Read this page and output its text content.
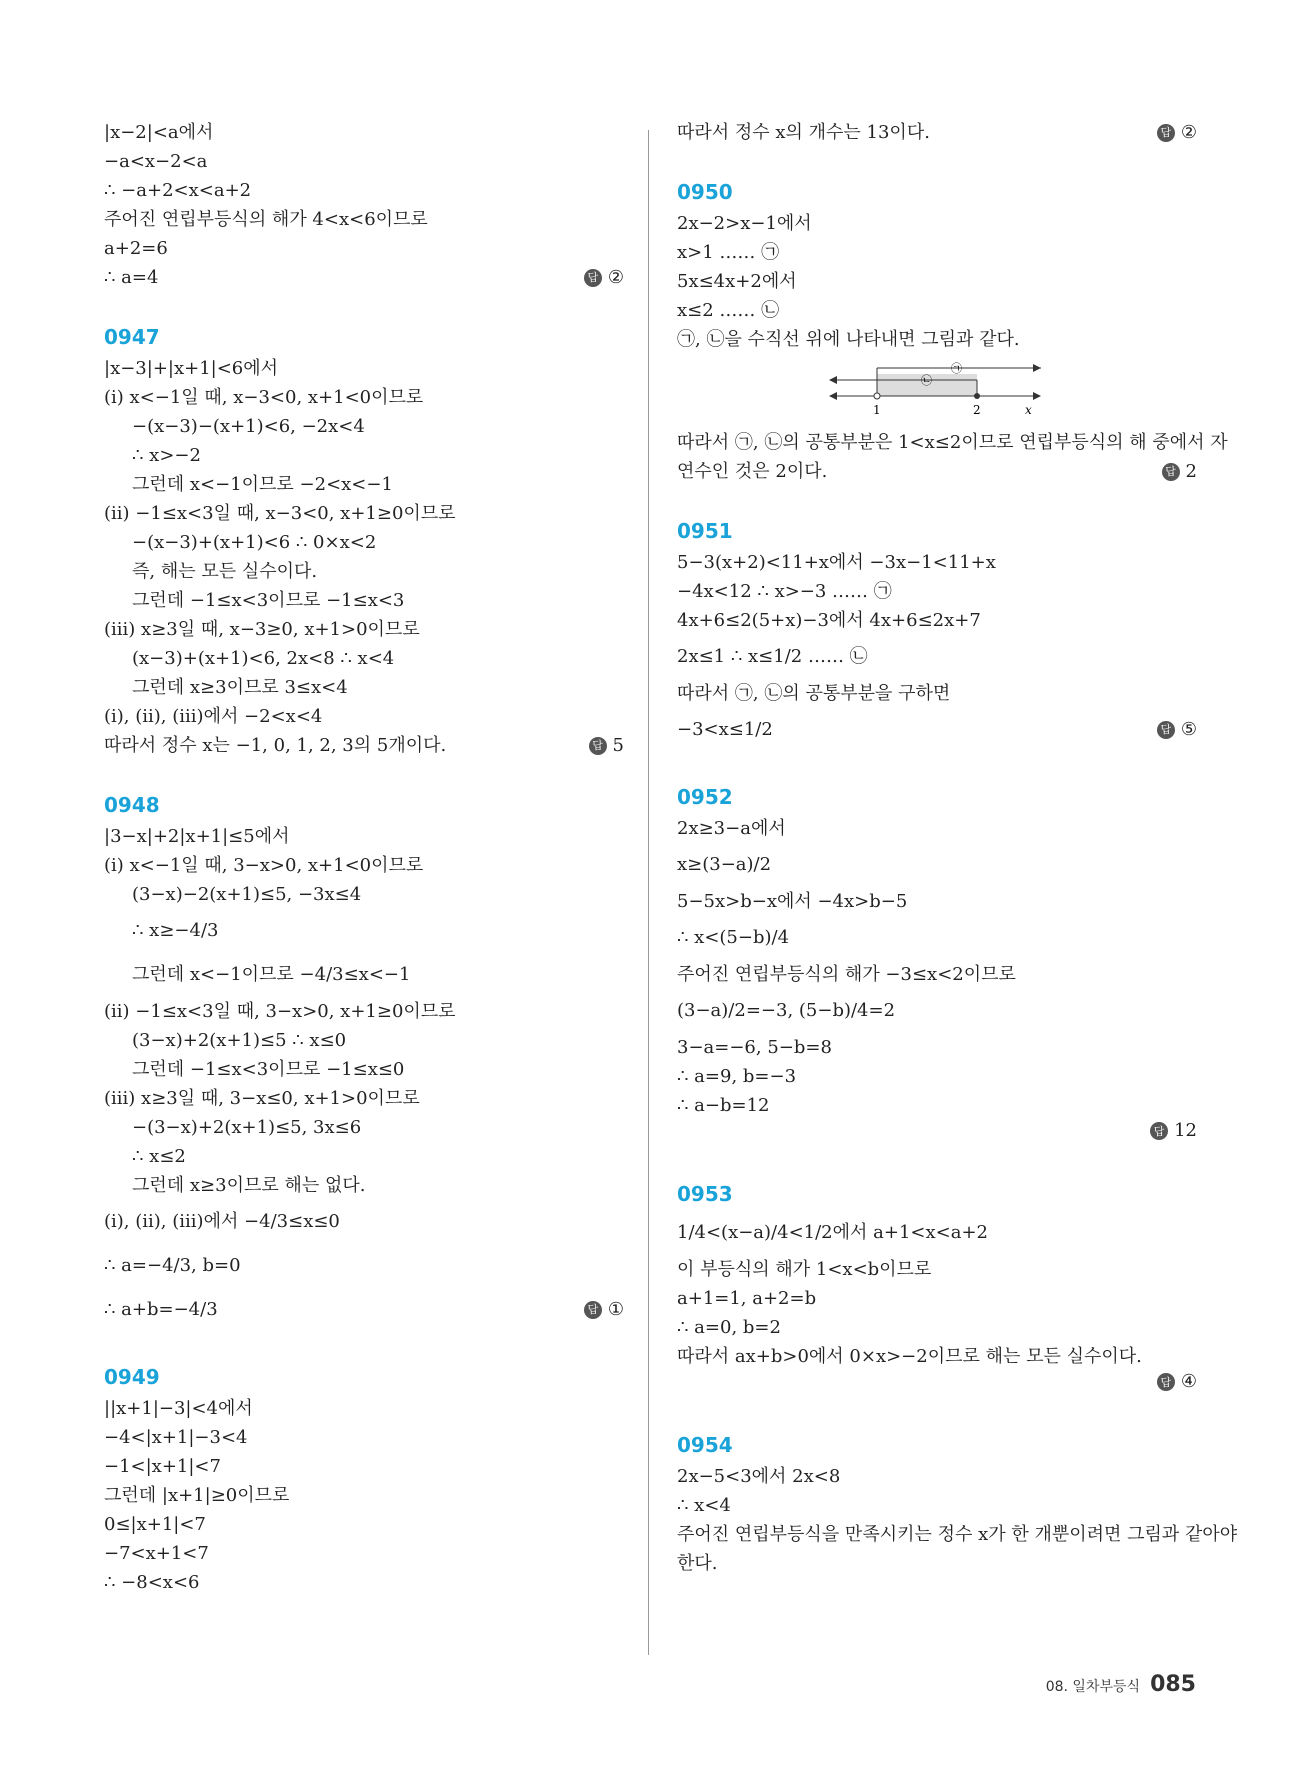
|x−2|<a에서
−a<x−2<a
∴ −a+2<x<a+2
주어진 연립부등식의 해가 4<x<6이므로
a+2=6
∴ a=4	답 ②
0947
|x−3|+|x+1|<6에서
(ⅰ) x<−1일 때, x−3<0, x+1<0이므로
−(x−3)−(x+1)<6, −2x<4
∴ x>−2
그런데 x<−1이므로 −2<x<−1
(ⅱ) −1≤x<3일 때, x−3<0, x+1≥0이므로
−(x−3)+(x+1)<6 ∴ 0×x<2
즉, 해는 모든 실수이다.
그런데 −1≤x<3이므로 −1≤x<3
(ⅲ) x≥3일 때, x−3≥0, x+1>0이므로
(x−3)+(x+1)<6, 2x<8 ∴ x<4
그런데 x≥3이므로 3≤x<4
(ⅰ), (ⅱ), (ⅲ)에서 −2<x<4
따라서 정수 x는 −1, 0, 1, 2, 3의 5개이다.	답 5
0948
|3−x|+2|x+1|≤5에서
(ⅰ) x<−1일 때, 3−x>0, x+1<0이므로
(3−x)−2(x+1)≤5, −3x≤4
∴ x≥−4/3
그런데 x<−1이므로 −4/3≤x<−1
(ⅱ) −1≤x<3일 때, 3−x>0, x+1≥0이므로
(3−x)+2(x+1)≤5 ∴ x≤0
그런데 −1≤x<3이므로 −1≤x≤0
(ⅲ) x≥3일 때, 3−x≤0, x+1>0이므로
−(3−x)+2(x+1)≤5, 3x≤6
∴ x≤2
그런데 x≥3이므로 해는 없다.
(ⅰ), (ⅱ), (ⅲ)에서 −4/3≤x≤0
∴ a=−4/3, b=0
∴ a+b=−4/3	답 ①
0949
||x+1|−3|<4에서
−4<|x+1|−3<4
−1<|x+1|<7
그런데 |x+1|≥0이므로
0≤|x+1|<7
−7<x+1<7
∴ −8<x<6
따라서 정수 x의 개수는 13이다.	답 ②
0950
2x−2>x−1에서
x>1 …… ㉠
5x≤4x+2에서
x≤2 …… ㉡
㉠, ㉡을 수직선 위에 나타내면 그림과 같다.
1	2	x
㉠
㉡
따라서 ㉠, ㉡의 공통부분은 1<x≤2이므로 연립부등식의 해 중에서 자
연수인 것은 2이다.	답 2
0951
5−3(x+2)<11+x에서 −3x−1<11+x
−4x<12 ∴ x>−3 …… ㉠
4x+6≤2(5+x)−3에서 4x+6≤2x+7
2x≤1 ∴ x≤1/2 …… ㉡
따라서 ㉠, ㉡의 공통부분을 구하면
−3<x≤1/2	답 ⑤
0952
2x≥3−a에서
x≥(3−a)/2
5−5x>b−x에서 −4x>b−5
∴ x<(5−b)/4
주어진 연립부등식의 해가 −3≤x<2이므로
(3−a)/2=−3, (5−b)/4=2
3−a=−6, 5−b=8
∴ a=9, b=−3
∴ a−b=12
답 12
0953
1/4<(x−a)/4<1/2에서 a+1<x<a+2
이 부등식의 해가 1<x<b이므로
a+1=1, a+2=b
∴ a=0, b=2
따라서 ax+b>0에서 0×x>−2이므로 해는 모든 실수이다.
답 ④
0954
2x−5<3에서 2x<8
∴ x<4
주어진 연립부등식을 만족시키는 정수 x가 한 개뿐이려면 그림과 같아야
한다.
08. 일차부등식 085
